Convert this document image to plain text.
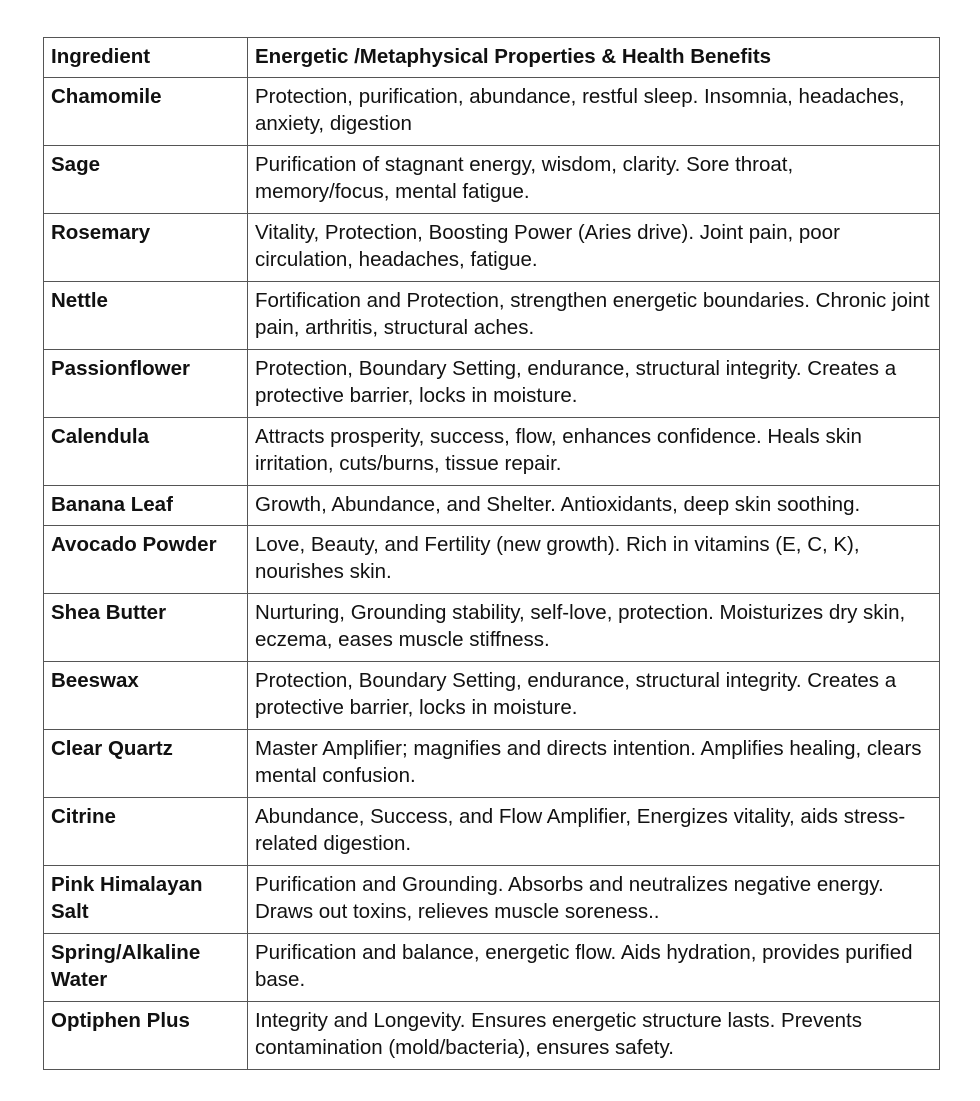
Ingredient	Energetic /Metaphysical Properties & Health Benefits
Chamomile	Protection, purification, abundance, restful sleep. Insomnia, headaches, anxiety, digestion
Sage	Purification of stagnant energy, wisdom, clarity. Sore throat, memory/focus, mental fatigue.
Rosemary	Vitality, Protection, Boosting Power (Aries drive). Joint pain, poor circulation, headaches, fatigue.
Nettle	Fortification and Protection, strengthen energetic boundaries. Chronic joint pain, arthritis, structural aches.
Passionflower	Protection, Boundary Setting, endurance, structural integrity. Creates a protective barrier, locks in moisture.
Calendula	Attracts prosperity, success, flow, enhances confidence. Heals skin irritation, cuts/burns, tissue repair.
Banana Leaf	Growth, Abundance, and Shelter. Antioxidants, deep skin soothing.
Avocado Powder	Love, Beauty, and Fertility (new growth). Rich in vitamins (E, C, K), nourishes skin.
Shea Butter	Nurturing, Grounding stability, self-love, protection. Moisturizes dry skin, eczema, eases muscle stiffness.
Beeswax	Protection, Boundary Setting, endurance, structural integrity. Creates a protective barrier, locks in moisture.
Clear Quartz	Master Amplifier; magnifies and directs intention. Amplifies healing, clears mental confusion.
Citrine	Abundance, Success, and Flow Amplifier, Energizes vitality, aids stress-related digestion.
Pink Himalayan Salt	Purification and Grounding. Absorbs and neutralizes negative energy. Draws out toxins, relieves muscle soreness..
Spring/Alkaline Water	Purification and balance, energetic flow. Aids hydration, provides purified base.
Optiphen Plus	Integrity and Longevity. Ensures energetic structure lasts. Prevents contamination (mold/bacteria), ensures safety.
